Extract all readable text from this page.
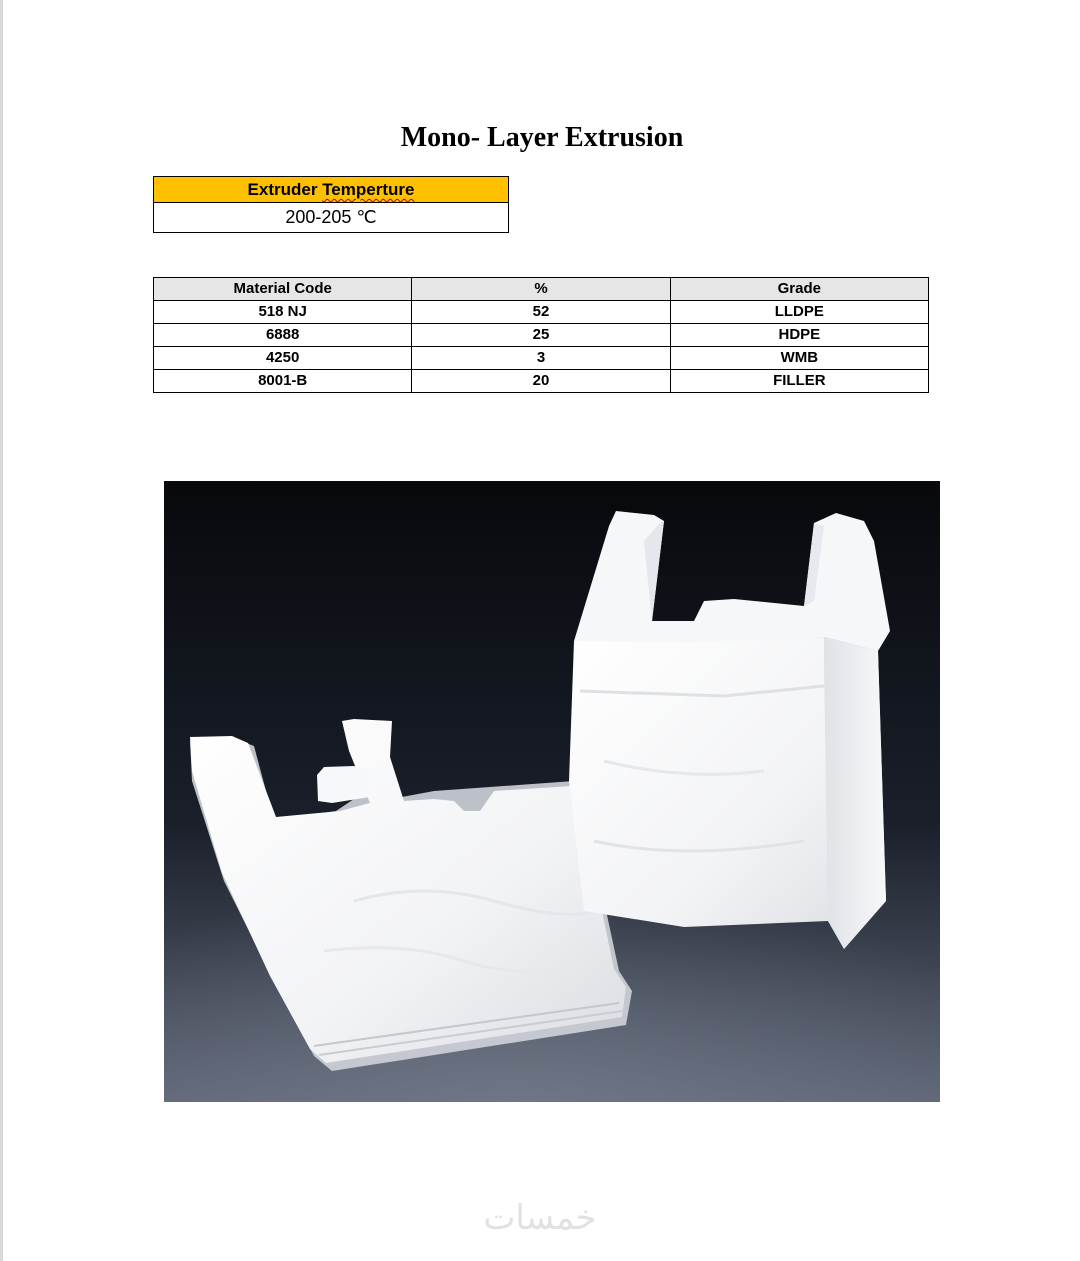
Mono- Layer Extrusion
Extruder Temperture
200-205 ℃
Material Code	%	Grade
518 NJ	52	LLDPE
6888	25	HDPE
4250	3	WMB
8001-B	20	FILLER
خمسات
